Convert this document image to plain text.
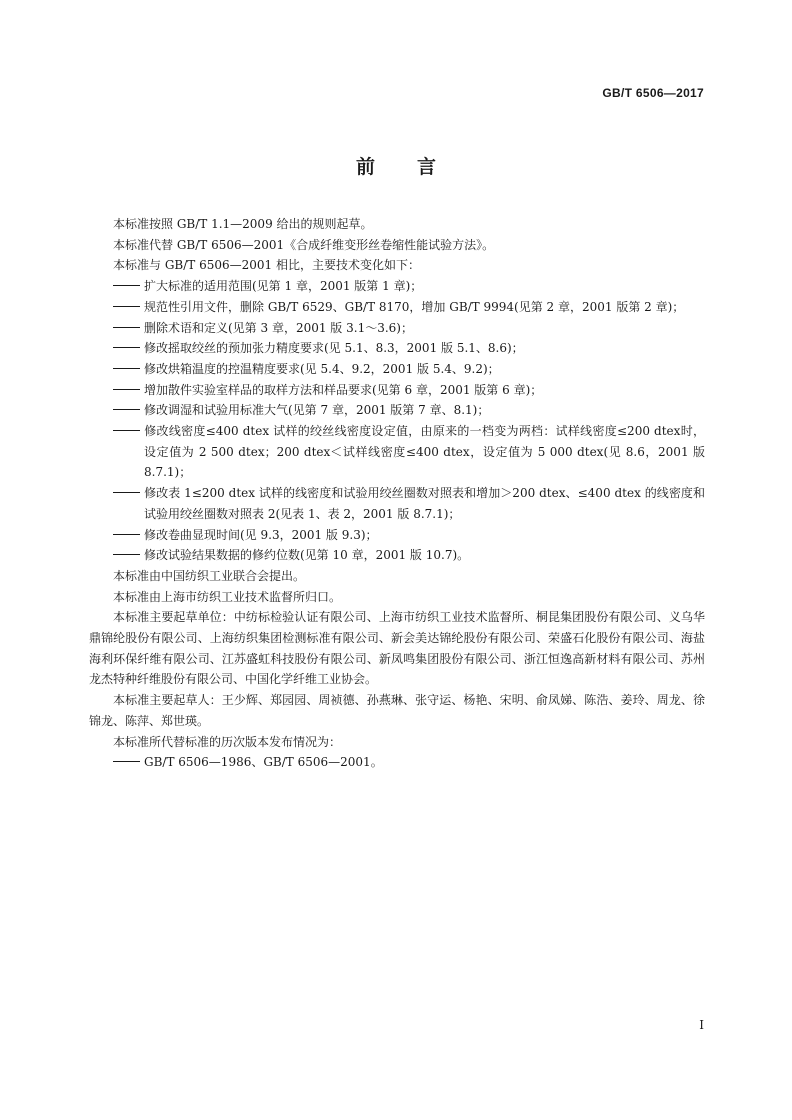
GB/T 6506—2017
前言

本标准按照 GB/T 1.1—2009 给出的规则起草。

本标准代替 GB/T 6506—2001《合成纤维变形丝卷缩性能试验方法》。

本标准与 GB/T 6506—2001 相比，主要技术变化如下：

扩大标准的适用范围(见第 1 章，2001 版第 1 章)；

规范性引用文件，删除 GB/T 6529、GB/T 8170，增加 GB/T 9994(见第 2 章，2001 版第 2 章)；

删除术语和定义(见第 3 章，2001 版 3.1～3.6)；

修改摇取绞丝的预加张力精度要求(见 5.1、8.3，2001 版 5.1、8.6)；

修改烘箱温度的控温精度要求(见 5.4、9.2，2001 版 5.4、9.2)；

增加散件实验室样品的取样方法和样品要求(见第 6 章，2001 版第 6 章)；

修改调湿和试验用标准大气(见第 7 章，2001 版第 7 章、8.1)；

修改线密度≤400 dtex 试样的绞丝线密度设定值，由原来的一档变为两档：试样线密度≤200 dtex时，设定值为 2 500 dtex；200 dtex＜试样线密度≤400 dtex，设定值为 5 000 dtex(见 8.6，2001 版 8.7.1)；

修改表 1≤200 dtex 试样的线密度和试验用绞丝圈数对照表和增加＞200 dtex、≤400 dtex 的线密度和试验用绞丝圈数对照表 2(见表 1、表 2，2001 版 8.7.1)；

修改卷曲显现时间(见 9.3，2001 版 9.3)；

修改试验结果数据的修约位数(见第 10 章，2001 版 10.7)。

本标准由中国纺织工业联合会提出。

本标准由上海市纺织工业技术监督所归口。

本标准主要起草单位：中纺标检验认证有限公司、上海市纺织工业技术监督所、桐昆集团股份有限公司、义乌华鼎锦纶股份有限公司、上海纺织集团检测标准有限公司、新会美达锦纶股份有限公司、荣盛石化股份有限公司、海盐海利环保纤维有限公司、江苏盛虹科技股份有限公司、新凤鸣集团股份有限公司、浙江恒逸高新材料有限公司、苏州龙杰特种纤维股份有限公司、中国化学纤维工业协会。

本标准主要起草人：王少辉、郑园园、周祯德、孙燕琳、张守运、杨艳、宋明、俞凤娣、陈浩、姜玲、周龙、徐锦龙、陈萍、郑世瑛。

本标准所代替标准的历次版本发布情况为：

GB/T 6506—1986、GB/T 6506—2001。

I
